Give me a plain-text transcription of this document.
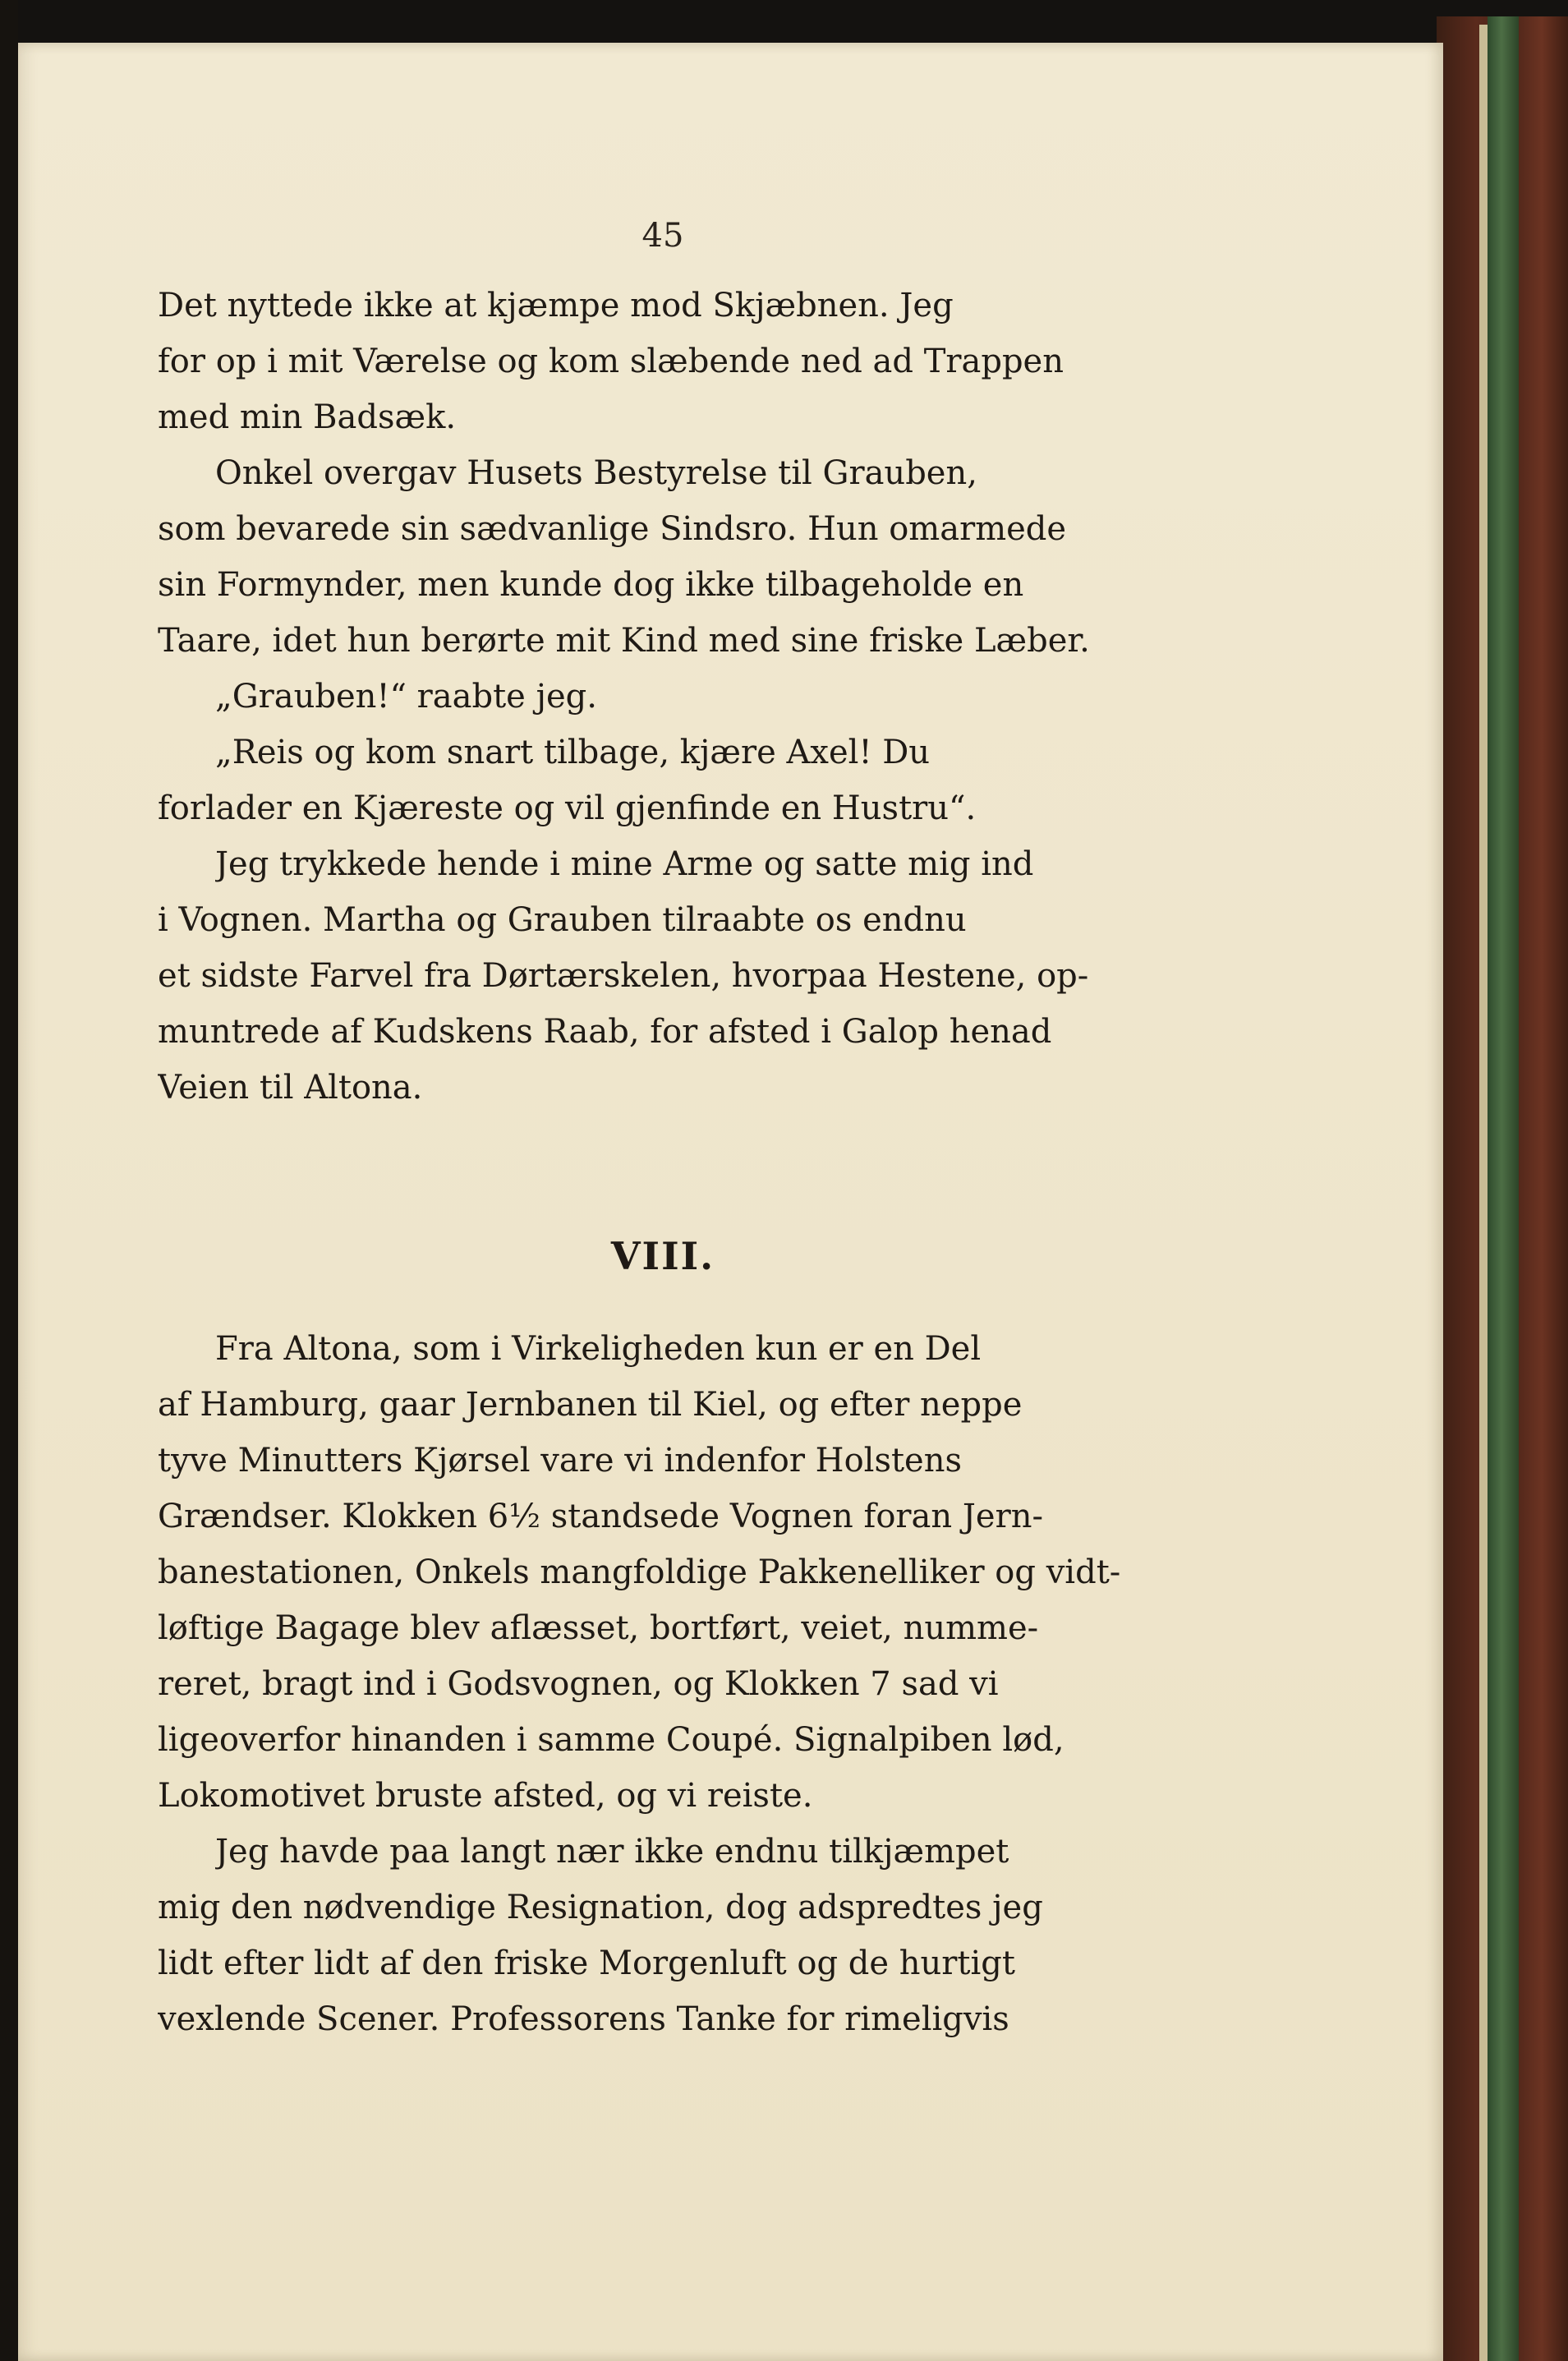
45
Det nyttede ikke at kjæmpe mod Skjæbnen. Jeg
for op i mit Værelse og kom slæbende ned ad Trappen
med min Badsæk.
Onkel overgav Husets Bestyrelse til Grauben,
som bevarede sin sædvanlige Sindsro. Hun omarmede
sin Formynder, men kunde dog ikke tilbageholde en
Taare, idet hun berørte mit Kind med sine friske Læber.
„Grauben!“ raabte jeg.
„Reis og kom snart tilbage, kjære Axel! Du
forlader en Kjæreste og vil gjenfinde en Hustru“.
Jeg trykkede hende i mine Arme og satte mig ind
i Vognen. Martha og Grauben tilraabte os endnu
et sidste Farvel fra Dørtærskelen, hvorpaa Hestene, op-
muntrede af Kudskens Raab, for afsted i Galop henad
Veien til Altona.
VIII.
Fra Altona, som i Virkeligheden kun er en Del
af Hamburg, gaar Jernbanen til Kiel, og efter neppe
tyve Minutters Kjørsel vare vi indenfor Holstens
Grændser. Klokken 6½ standsede Vognen foran Jern-
banestationen, Onkels mangfoldige Pakkenelliker og vidt-
løftige Bagage blev aflæsset, bortført, veiet, numme-
reret, bragt ind i Godsvognen, og Klokken 7 sad vi
ligeoverfor hinanden i samme Coupé. Signalpiben lød,
Lokomotivet bruste afsted, og vi reiste.
Jeg havde paa langt nær ikke endnu tilkjæmpet
mig den nødvendige Resignation, dog adspredtes jeg
lidt efter lidt af den friske Morgenluft og de hurtigt
vexlende Scener. Professorens Tanke for rimeligvis
